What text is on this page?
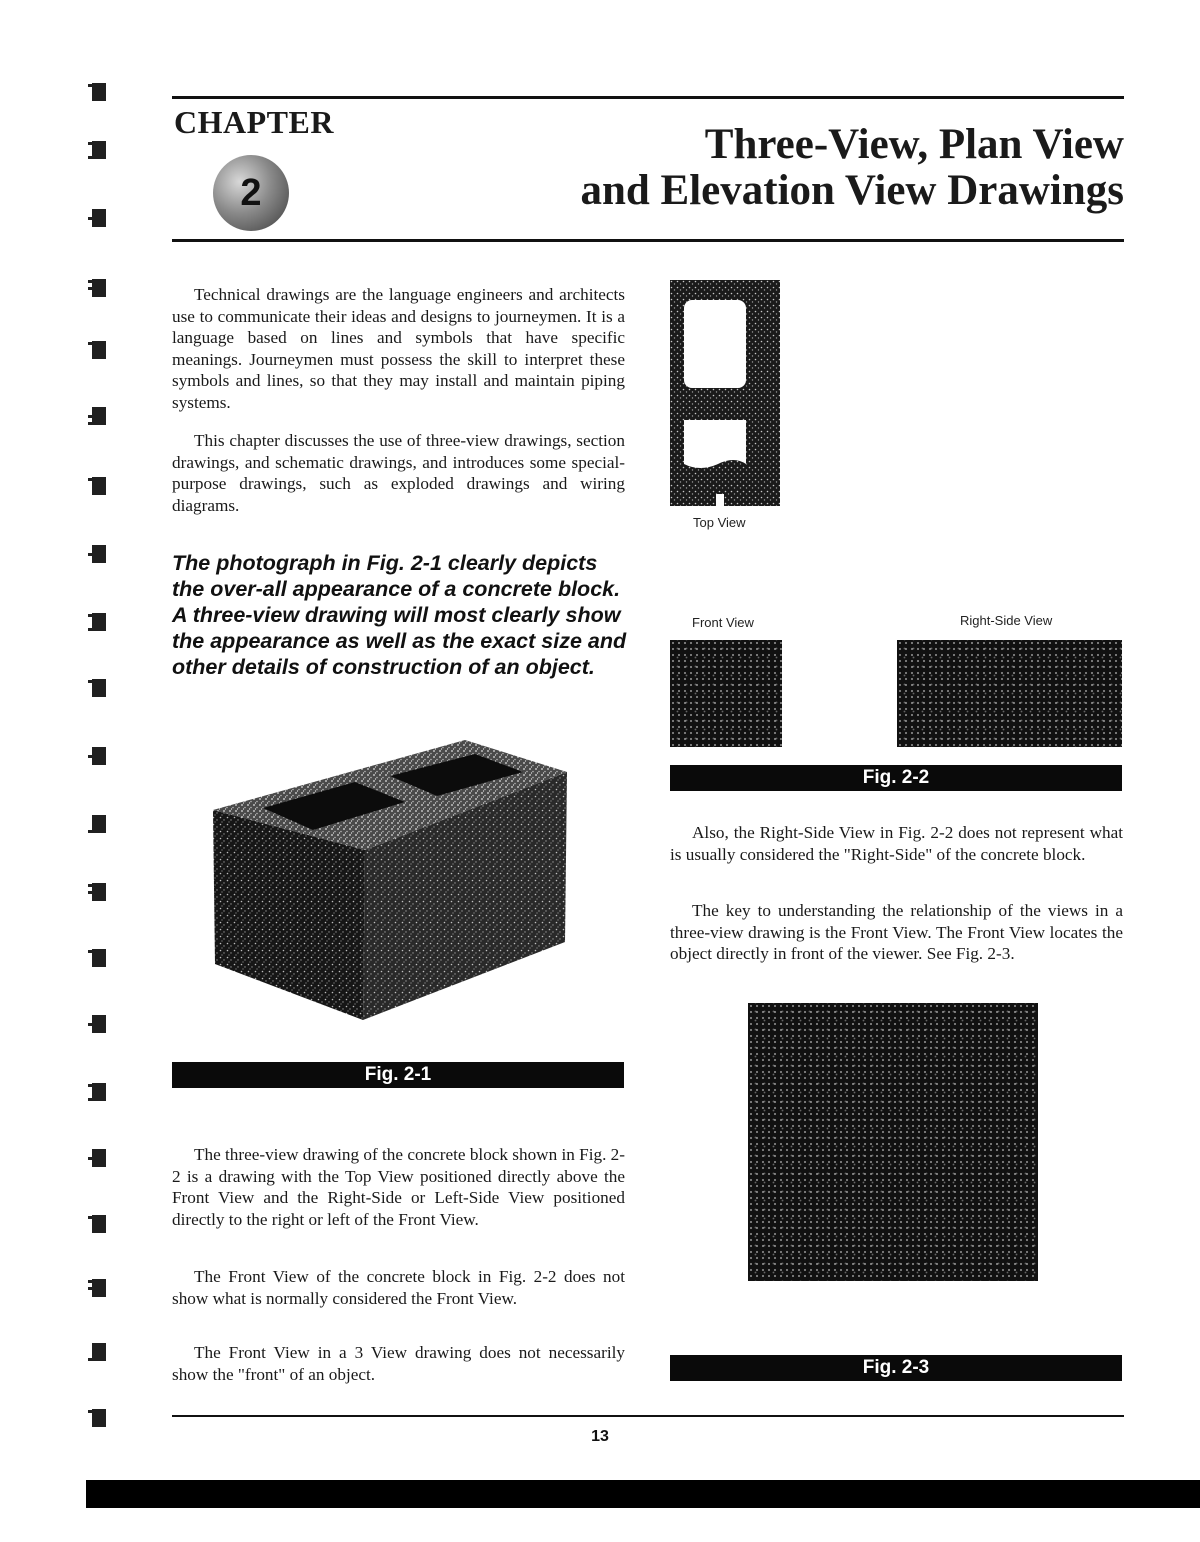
CHAPTER
2
Three-View, Plan View
and Elevation View Drawings

Technical drawings are the language engineers and architects use to communicate their ideas and designs to journeymen. It is a language based on lines and symbols that have specific meanings. Journeymen must possess the skill to interpret these symbols and lines, so that they may install and maintain piping systems.

This chapter discusses the use of three-view drawings, section drawings, and schematic drawings, and introduces some special-purpose drawings, such as exploded drawings and wiring diagrams.

The photograph in Fig. 2-1 clearly depicts the over-all appearance of a concrete block. A three-view drawing will most clearly show the appearance as well as the exact size and other details of construction of an object.
Fig. 2-1

The three-view drawing of the concrete block shown in Fig. 2-2 is a drawing with the Top View positioned directly above the Front View and the Right-Side or Left-Side View positioned directly to the right or left of the Front View.

The Front View of the concrete block in Fig. 2-2 does not show what is normally considered the Front View.

The Front View in a 3 View drawing does not necessarily show the "front" of an object.

Top View
Front View	Right-Side View
Fig. 2-2

Also, the Right-Side View in Fig. 2-2 does not represent what is usually considered the "Right-Side" of the concrete block.

The key to understanding the relationship of the views in a three-view drawing is the Front View. The Front View locates the object directly in front of the viewer. See Fig. 2-3.

Fig. 2-3
13
